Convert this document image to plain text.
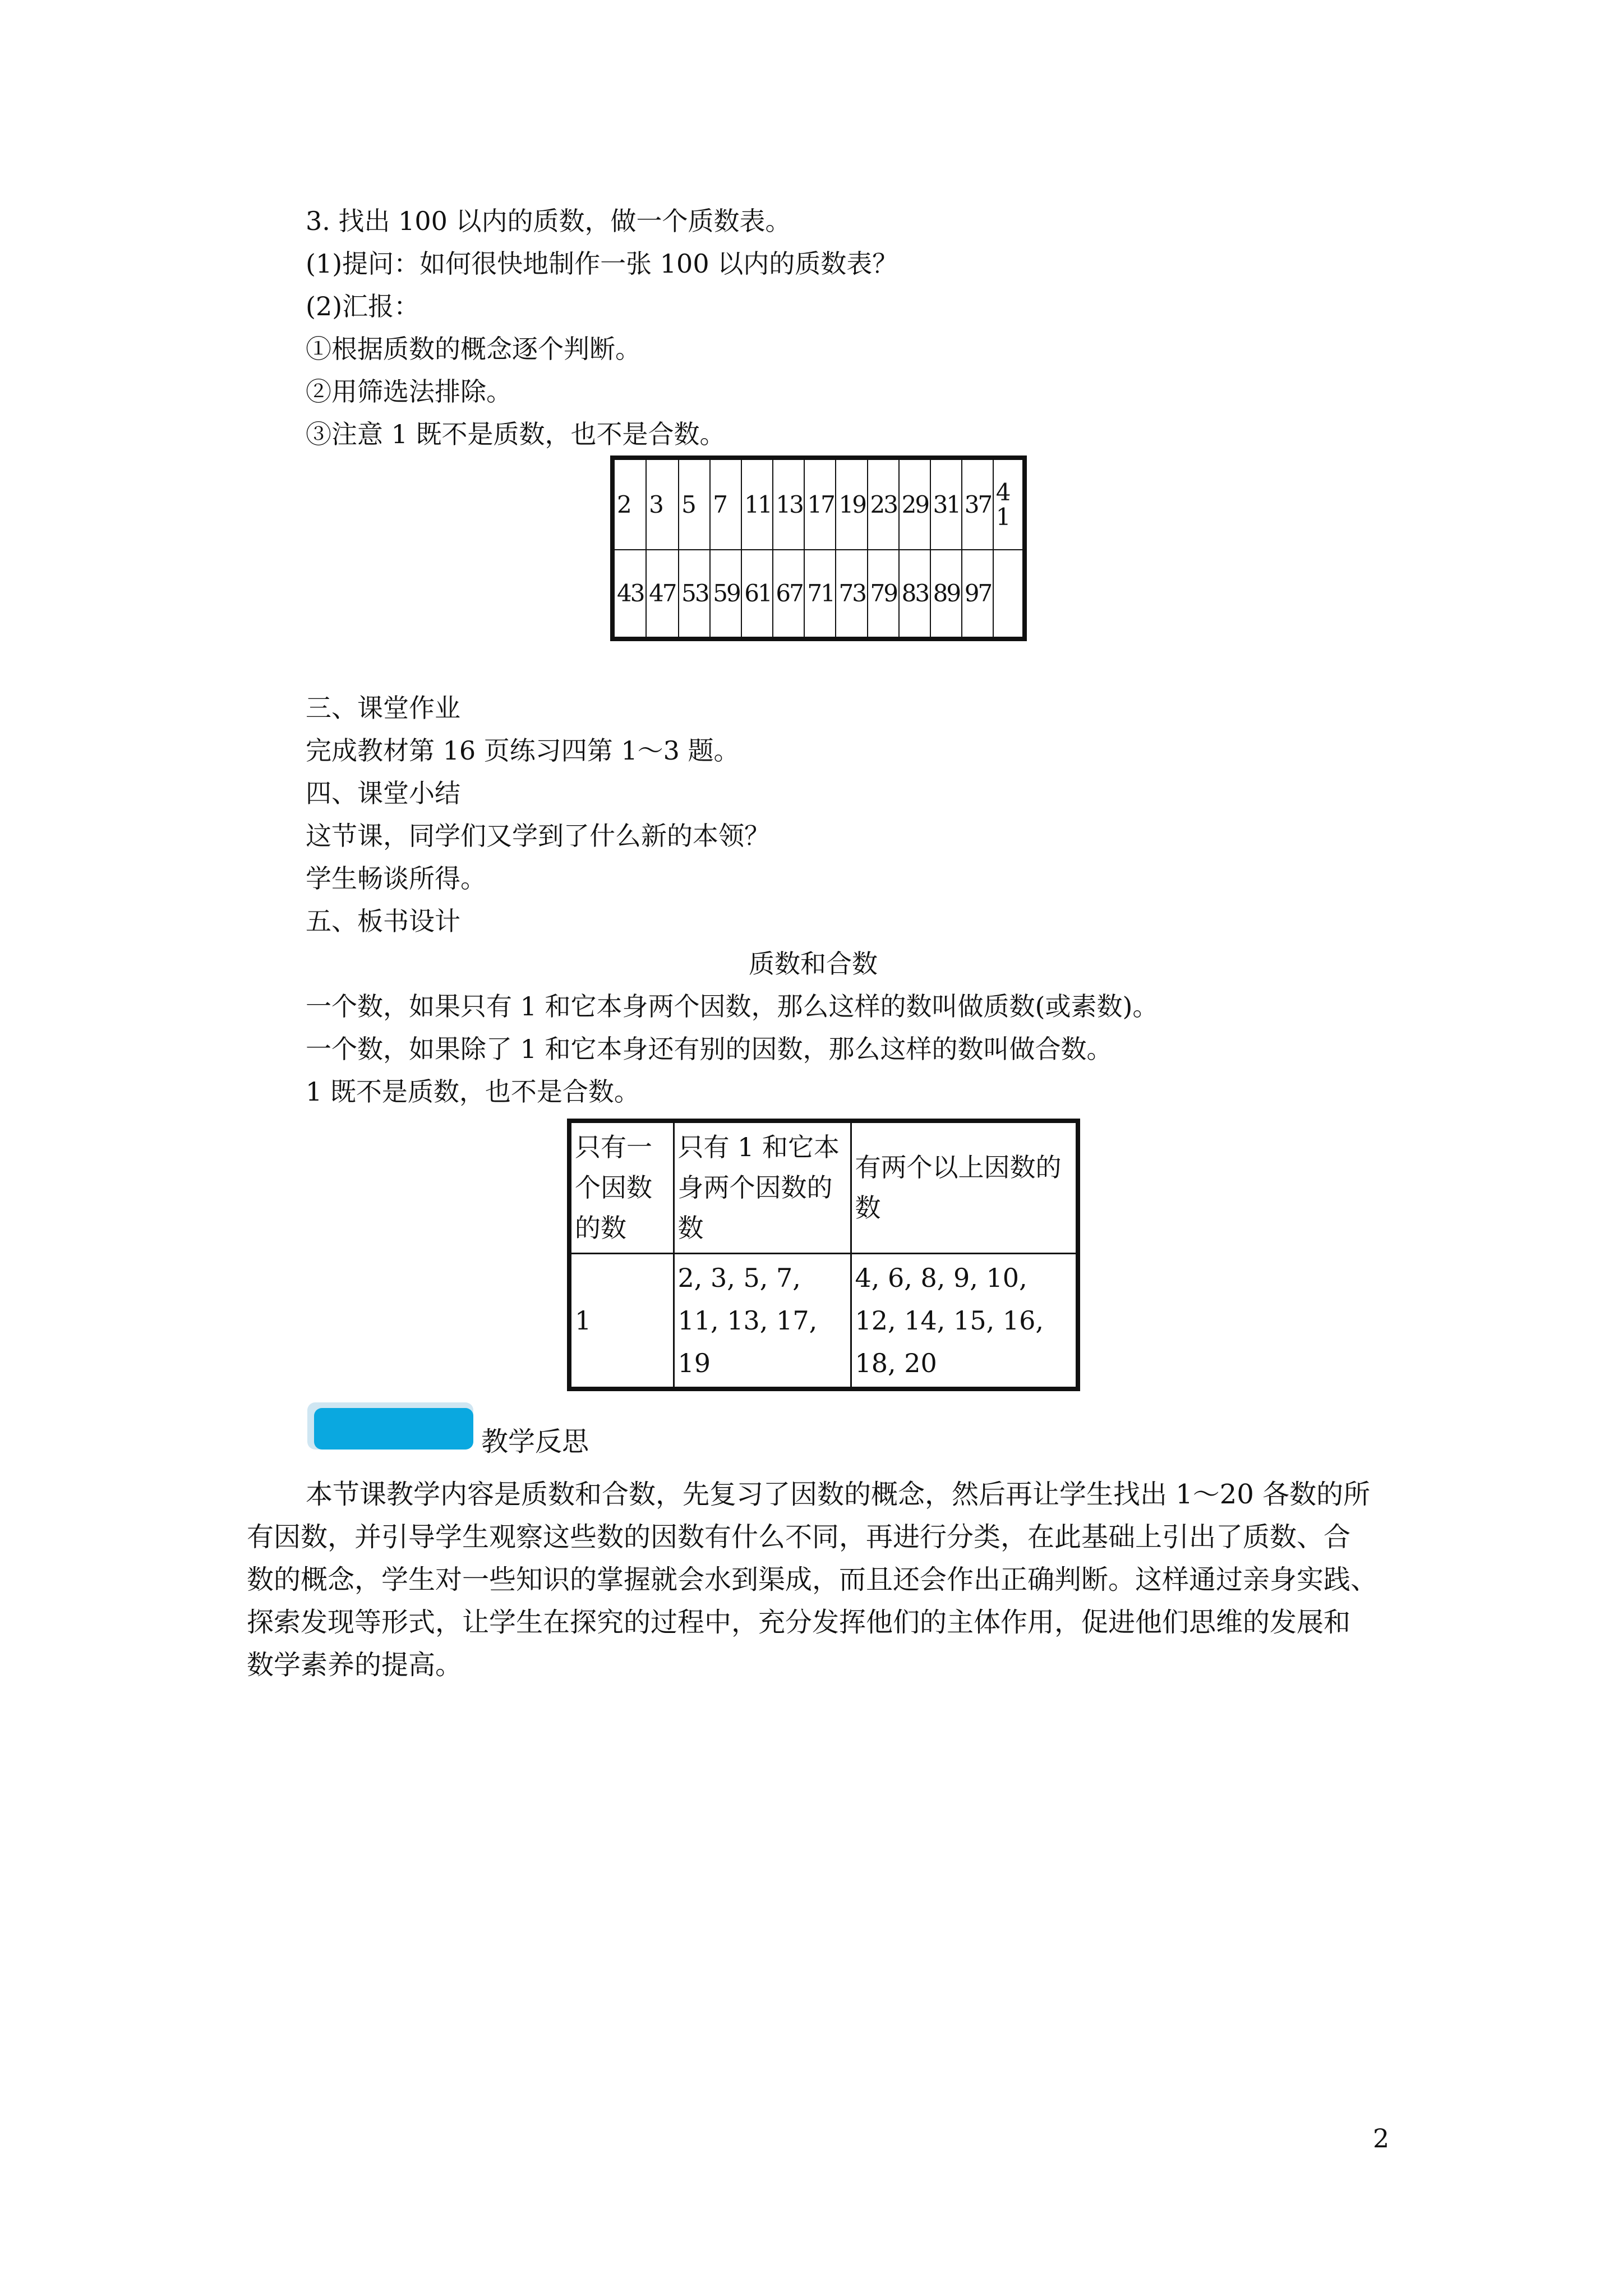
3. 找出 100 以内的质数，做一个质数表。
(1)提问：如何很快地制作一张 100 以内的质数表？
(2)汇报：
①根据质数的概念逐个判断。
②用筛选法排除。
③注意 1 既不是质数，也不是合数。
2	3	5	7	11	13	17	19	23	29	31	37	41
43	47	53	59	61	67	71	73	79	83	89	97	
三、课堂作业
完成教材第 16 页练习四第 1～3 题。
四、课堂小结
这节课，同学们又学到了什么新的本领？
学生畅谈所得。
五、板书设计
质数和合数
一个数，如果只有 1 和它本身两个因数，那么这样的数叫做质数(或素数)。
一个数，如果除了 1 和它本身还有别的因数，那么这样的数叫做合数。
1 既不是质数，也不是合数。
只有一个因数的数	只有 1 和它本身两个因数的数	有两个以上因数的数
1	2, 3, 5, 7, 11, 13, 17, 19	4, 6, 8, 9, 10, 12, 14, 15, 16, 18, 20
教学反思
本节课教学内容是质数和合数，先复习了因数的概念，然后再让学生找出 1～20 各数的所
有因数，并引导学生观察这些数的因数有什么不同，再进行分类，在此基础上引出了质数、合
数的概念，学生对一些知识的掌握就会水到渠成，而且还会作出正确判断。这样通过亲身实践、
探索发现等形式，让学生在探究的过程中，充分发挥他们的主体作用，促进他们思维的发展和
数学素养的提高。
2
